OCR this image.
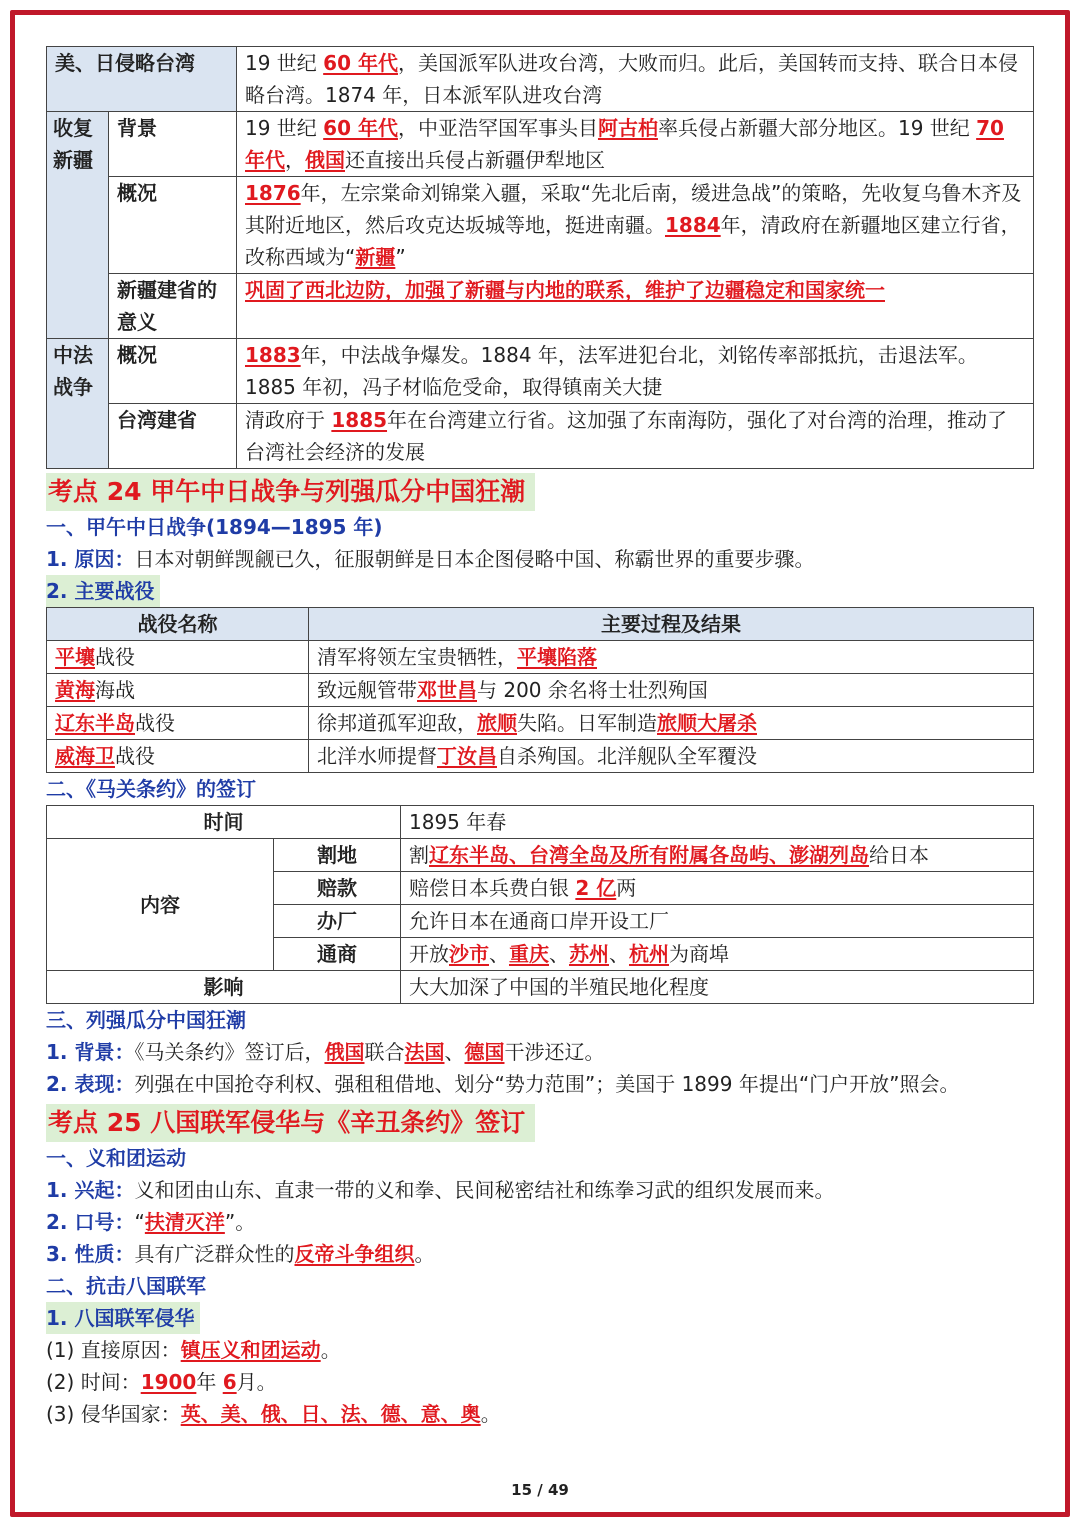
美、日侵略台湾		19 世纪 60 年代，美国派军队进攻台湾，大败而归。此后，美国转而支持、联合日本侵略台湾。1874 年，日本派军队进攻台湾
收复新疆	背景	19 世纪 60 年代，中亚浩罕国军事头目阿古柏率兵侵占新疆大部分地区。19 世纪 70 年代，俄国还直接出兵侵占新疆伊犁地区
	概况	1876年，左宗棠命刘锦棠入疆，采取“先北后南，缓进急战”的策略，先收复乌鲁木齐及其附近地区，然后攻克达坂城等地，挺进南疆。1884年，清政府在新疆地区建立行省，改称西域为“新疆”
	新疆建省的意义	巩固了西北边防，加强了新疆与内地的联系，维护了边疆稳定和国家统一
中法战争	概况	1883年，中法战争爆发。1884 年，法军进犯台北，刘铭传率部抵抗，击退法军。1885 年初，冯子材临危受命，取得镇南关大捷
	台湾建省	清政府于 1885年在台湾建立行省。这加强了东南海防，强化了对台湾的治理，推动了台湾社会经济的发展
考点 24 甲午中日战争与列强瓜分中国狂潮
一、甲午中日战争(1894—1895 年)
1. 原因：日本对朝鲜觊觎已久，征服朝鲜是日本企图侵略中国、称霸世界的重要步骤。
2. 主要战役
战役名称	主要过程及结果
平壤战役	清军将领左宝贵牺牲，平壤陷落
黄海海战	致远舰管带邓世昌与 200 余名将士壮烈殉国
辽东半岛战役	徐邦道孤军迎敌，旅顺失陷。日军制造旅顺大屠杀
威海卫战役	北洋水师提督丁汝昌自杀殉国。北洋舰队全军覆没
二、《马关条约》的签订
时间		1895 年春
内容	割地	割辽东半岛、台湾全岛及所有附属各岛屿、澎湖列岛给日本
	赔款	赔偿日本兵费白银 2 亿两
	办厂	允许日本在通商口岸开设工厂
	通商	开放沙市、重庆、苏州、杭州为商埠
影响		大大加深了中国的半殖民地化程度
三、列强瓜分中国狂潮
1. 背景：《马关条约》签订后，俄国联合法国、德国干涉还辽。
2. 表现：列强在中国抢夺利权、强租租借地、划分“势力范围”；美国于 1899 年提出“门户开放”照会。
考点 25 八国联军侵华与《辛丑条约》签订
一、义和团运动
1. 兴起：义和团由山东、直隶一带的义和拳、民间秘密结社和练拳习武的组织发展而来。
2. 口号：“扶清灭洋”。
3. 性质：具有广泛群众性的反帝斗争组织。
二、抗击八国联军
1. 八国联军侵华
(1) 直接原因：镇压义和团运动。
(2) 时间：1900年 6月。
(3) 侵华国家：英、美、俄、日、法、德、意、奥。
15 / 49
